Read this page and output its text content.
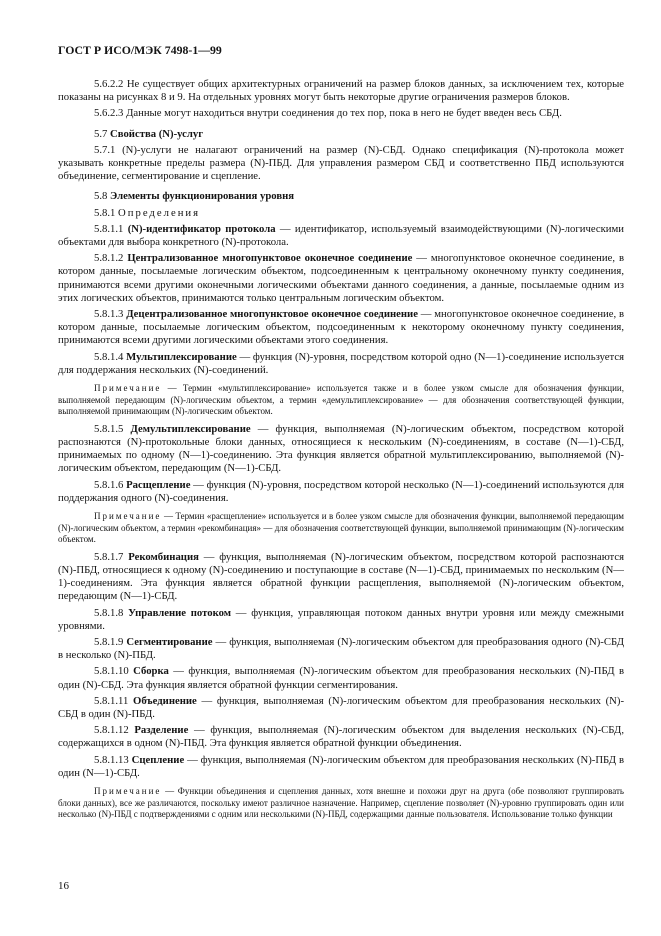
ГОСТ Р ИСО/МЭК 7498-1—99

5.6.2.2 Не существует общих архитектурных ограничений на размер блоков данных, за исключением тех, которые показаны на рисунках 8 и 9. На отдельных уровнях могут быть некоторые другие ограничения размеров блоков.

5.6.2.3 Данные могут находиться внутри соединения до тех пор, пока в него не будет введен весь СБД.

5.7 Свойства (N)-услуг

5.7.1 (N)-услуги не налагают ограничений на размер (N)-СБД. Однако спецификация (N)-протокола может указывать конкретные пределы размера (N)-ПБД. Для управления размером СБД и соответственно ПБД используются объединение, сегментирование и сцепление.

5.8 Элементы функционирования уровня

5.8.1 Определения

5.8.1.1 (N)-идентификатор протокола — идентификатор, используемый взаимодействующими (N)-логическими объектами для выбора конкретного (N)-протокола.

5.8.1.2 Централизованное многопунктовое оконечное соединение — многопунктовое оконечное соединение, в котором данные, посылаемые логическим объектом, подсоединенным к центральному оконечному пункту соединения, принимаются всеми другими оконечными логическими объектами данного соединения, а данные, посылаемые одним из этих логических объектов, принимаются только центральным логическим объектом.

5.8.1.3 Децентрализованное многопунктовое оконечное соединение — многопунктовое оконечное соединение, в котором данные, посылаемые логическим объектом, подсоединенным к некоторому оконечному пункту соединения, принимаются всеми другими логическими объектами этого соединения.

5.8.1.4 Мультиплексирование — функция (N)-уровня, посредством которой одно (N—1)-соединение используется для поддержания нескольких (N)-соединений.

Примечание — Термин «мультиплексирование» используется также и в более узком смысле для обозначения функции, выполняемой передающим (N)-логическим объектом, а термин «демультиплексирование» — для обозначения соответствующей функции, выполняемой принимающим (N)-логическим объектом.

5.8.1.5 Демультиплексирование — функция, выполняемая (N)-логическим объектом, посредством которой распознаются (N)-протокольные блоки данных, относящиеся к нескольким (N)-соединениям, в составе (N—1)-СБД, принимаемых по одному (N—1)-соединению. Эта функция является обратной мультиплексированию, выполняемой (N)-логическим объектом, передающим (N—1)-СБД.

5.8.1.6 Расщепление — функция (N)-уровня, посредством которой несколько (N—1)-соединений используются для поддержания одного (N)-соединения.

Примечание — Термин «расщепление» используется и в более узком смысле для обозначения функции, выполняемой передающим (N)-логическим объектом, а термин «рекомбинация» — для обозначения соответствующей функции, выполняемой принимающим (N)-логическим объектом.

5.8.1.7 Рекомбинация — функция, выполняемая (N)-логическим объектом, посредством которой распознаются (N)-ПБД, относящиеся к одному (N)-соединению и поступающие в составе (N—1)-СБД, принимаемых по нескольким (N—1)-соединениям. Эта функция является обратной функции расщепления, выполняемой (N)-логическим объектом, передающим (N—1)-СБД.

5.8.1.8 Управление потоком — функция, управляющая потоком данных внутри уровня или между смежными уровнями.

5.8.1.9 Сегментирование — функция, выполняемая (N)-логическим объектом для преобразования одного (N)-СБД в несколько (N)-ПБД.

5.8.1.10 Сборка — функция, выполняемая (N)-логическим объектом для преобразования нескольких (N)-ПБД в один (N)-СБД. Эта функция является обратной функции сегментирования.

5.8.1.11 Объединение — функция, выполняемая (N)-логическим объектом для преобразования нескольких (N)-СБД в один (N)-ПБД.

5.8.1.12 Разделение — функция, выполняемая (N)-логическим объектом для выделения нескольких (N)-СБД, содержащихся в одном (N)-ПБД. Эта функция является обратной функции объединения.

5.8.1.13 Сцепление — функция, выполняемая (N)-логическим объектом для преобразования нескольких (N)-ПБД в один (N—1)-СБД.

Примечание — Функции объединения и сцепления данных, хотя внешне и похожи друг на друга (обе позволяют группировать блоки данных), все же различаются, поскольку имеют различное назначение. Например, сцепление позволяет (N)-уровню группировать один или несколько (N)-ПБД с подтверждениями с одним или несколькими (N)-ПБД, содержащими данные пользователя. Использование только функции
16
